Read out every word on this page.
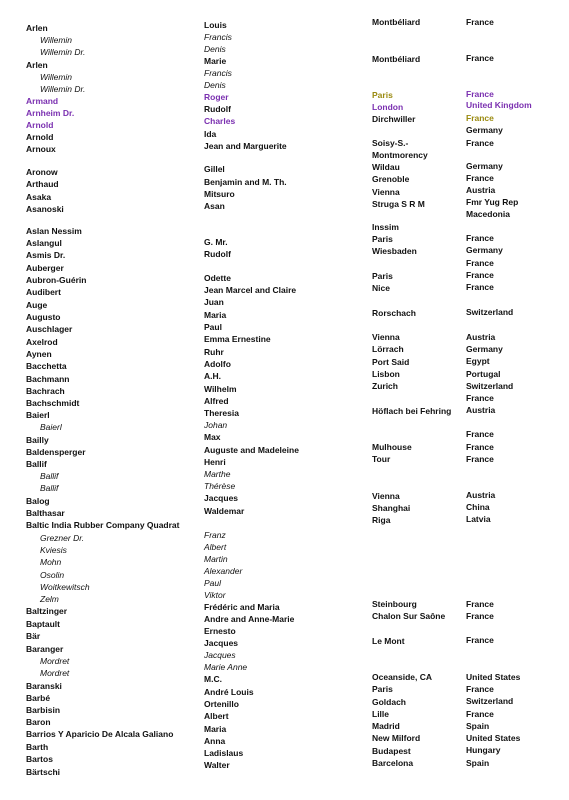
Arlen
Willemin
Willemin Dr.
Arlen
Willemin
Willemin Dr.
Armand
Arnheim Dr.
Arnold
Arnold
Arnoux
Aronow
Arthaud
Asaka
Asanoski
Aslan Nessim
Aslangul
Asmis Dr.
Auberger
Aubron-Guérin
Audibert
Auge
Augusto
Auschlager
Axelrod
Aynen
Bacchetta
Bachmann
Bachrach
Bachschmidt
Baierl
Baierl
Bailly
Baldensperger
Ballif
Ballif
Ballif
Balog
Balthasar
Baltic India Rubber Company Quadrat
Grezner Dr.
Kviesis
Mohn
Osolin
Woitkewitsch
Zelm
Baltzinger
Baptault
Bär
Baranger
Mordret
Mordret
Baranski
Barbé
Barbisin
Baron
Barrios Y Aparicio De Alcala Galiano
Barth
Bartos
Bärtschi
Louis
Francis
Denis
Marie
Francis
Denis
Roger
Rudolf
Charles
Ida
Jean and Marguerite
Gillel
Benjamin and M. Th.
Mitsuro
Asan
G. Mr.
Rudolf
Odette
Jean Marcel and Claire
Juan
Maria
Paul
Emma Ernestine
Ruhr
Adolfo
A.H.
Wilhelm
Alfred
Theresia
Johan
Max
Auguste and Madeleine
Henri
Marthe
Thérèse
Jacques
Waldemar
Franz
Albert
Martin
Alexander
Paul
Viktor
Frédéric and Maria
Andre and Anne-Marie
Ernesto
Jacques
Jacques
Marie Anne
M.C.
André Louis
Ortenillo
Albert
Maria
Anna
Ladislaus
Walter
Montbéliard
Montbéliard
Paris
London
Dirchwiller
Soisy-S.-
Montmorency
Wildau
Grenoble
Vienna
Struga S R M
Inssim
Paris
Wiesbaden
Paris
Nice
Rorschach
Vienna
Lörrach
Port Said
Lisbon
Zurich
Höflach bei Fehring
Mulhouse
Tour
Vienna
Shanghai
Riga
Steinbourg
Chalon Sur Saône
Le Mont
Oceanside, CA
Paris
Goldach
Lille
Madrid
New Milford
Budapest
Barcelona
France
France
France
United Kingdom
France
Germany
France
Germany
France
Austria
Fmr Yug Rep
Macedonia
France
Germany
France
France
France
Switzerland
Austria
Germany
Egypt
Portugal
Switzerland
France
Austria
France
France
France
Austria
China
Latvia
France
France
France
United States
France
Switzerland
France
Spain
United States
Hungary
Spain
